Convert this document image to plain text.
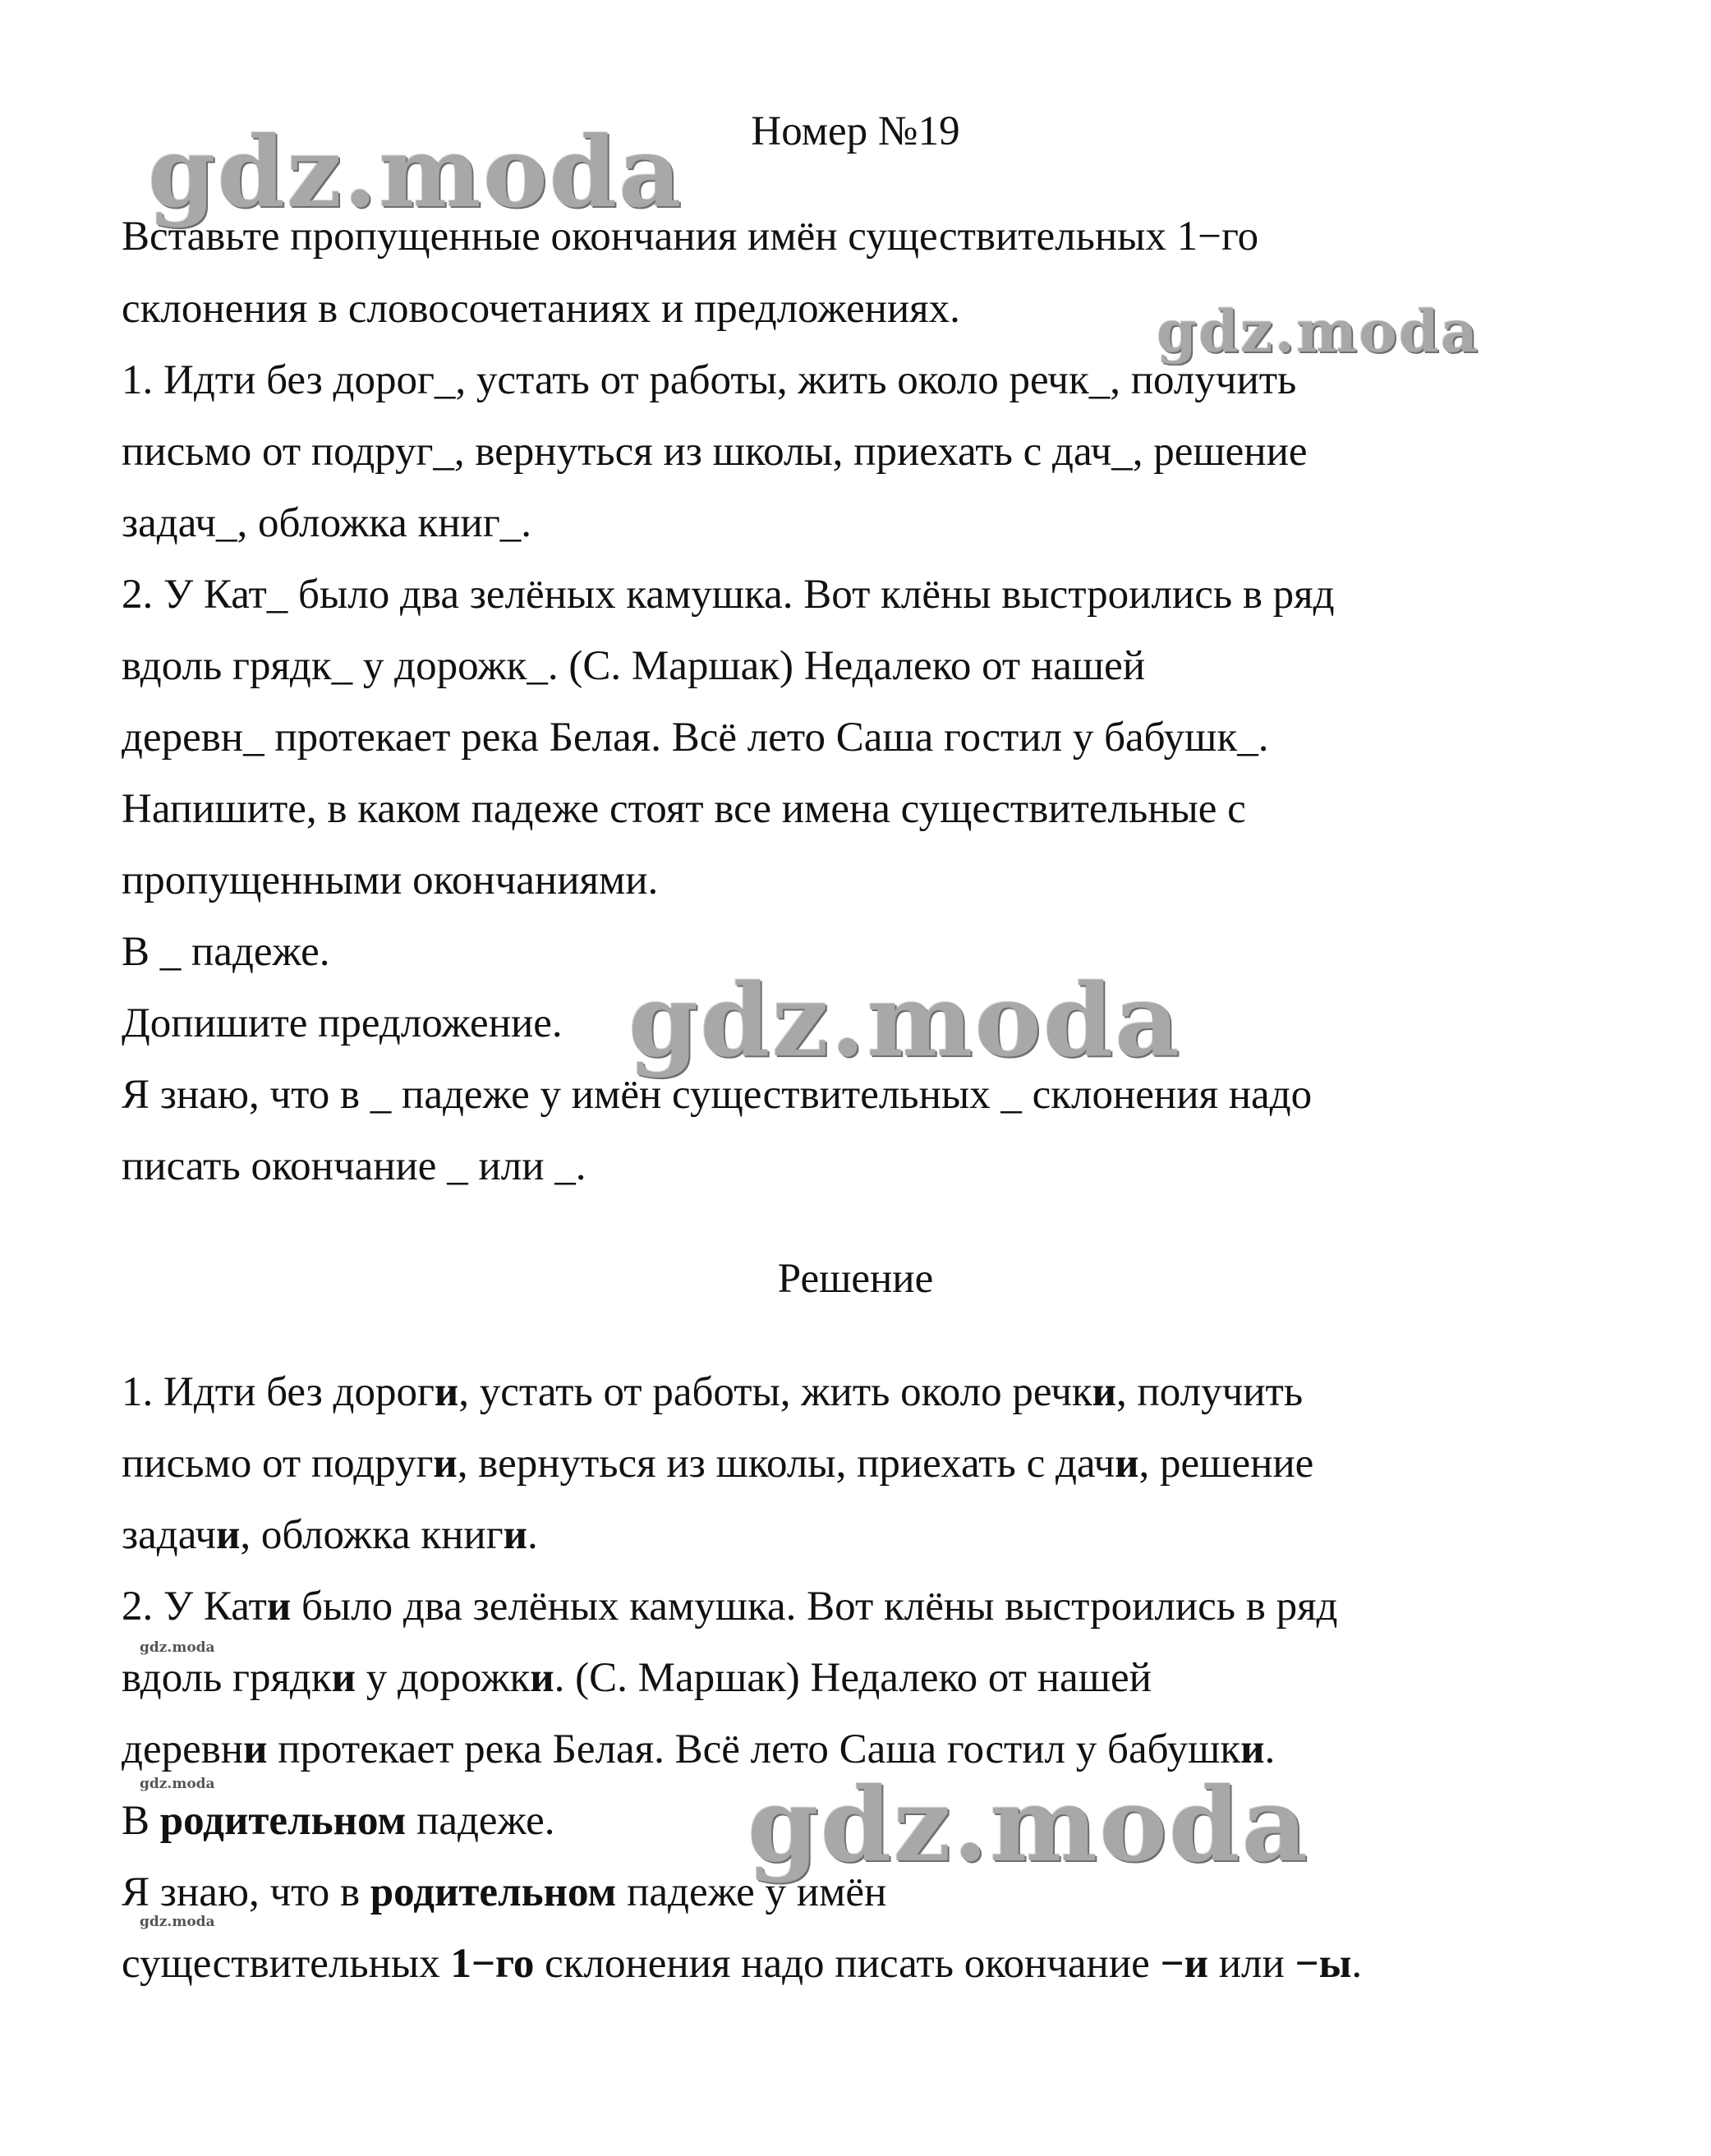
Номер №19
Вставьте пропущенные окончания имён существительных 1−го
склонения в словосочетаниях и предложениях.
1. Идти без дорог_, устать от работы, жить около речк_, получить
письмо от подруг_, вернуться из школы, приехать с дач_, решение
задач_, обложка книг_.
2. У Кат_ было два зелёных камушка. Вот клёны выстроились в ряд
вдоль грядк_ у дорожк_. (С. Маршак) Недалеко от нашей
деревн_ протекает река Белая. Всё лето Саша гостил у бабушк_.
Напишите, в каком падеже стоят все имена существительные с
пропущенными окончаниями.
В _ падеже.
Допишите предложение.
Я знаю, что в _ падеже у имён существительных _ склонения надо
писать окончание _ или _.
Решение
1. Идти без дороги, устать от работы, жить около речки, получить
письмо от подруги, вернуться из школы, приехать с дачи, решение
задачи, обложка книги.
2. У Кати было два зелёных камушка. Вот клёны выстроились в ряд
вдоль грядки у дорожки. (С. Маршак) Недалеко от нашей
деревни протекает река Белая. Всё лето Саша гостил у бабушки.
В родительном падеже.
Я знаю, что в родительном падеже у имён
существительных 1−го склонения надо писать окончание −и или −ы.
gdz.moda
gdz.moda
gdz.moda
gdz.moda
gdz.moda
gdz.moda
gdz.moda
